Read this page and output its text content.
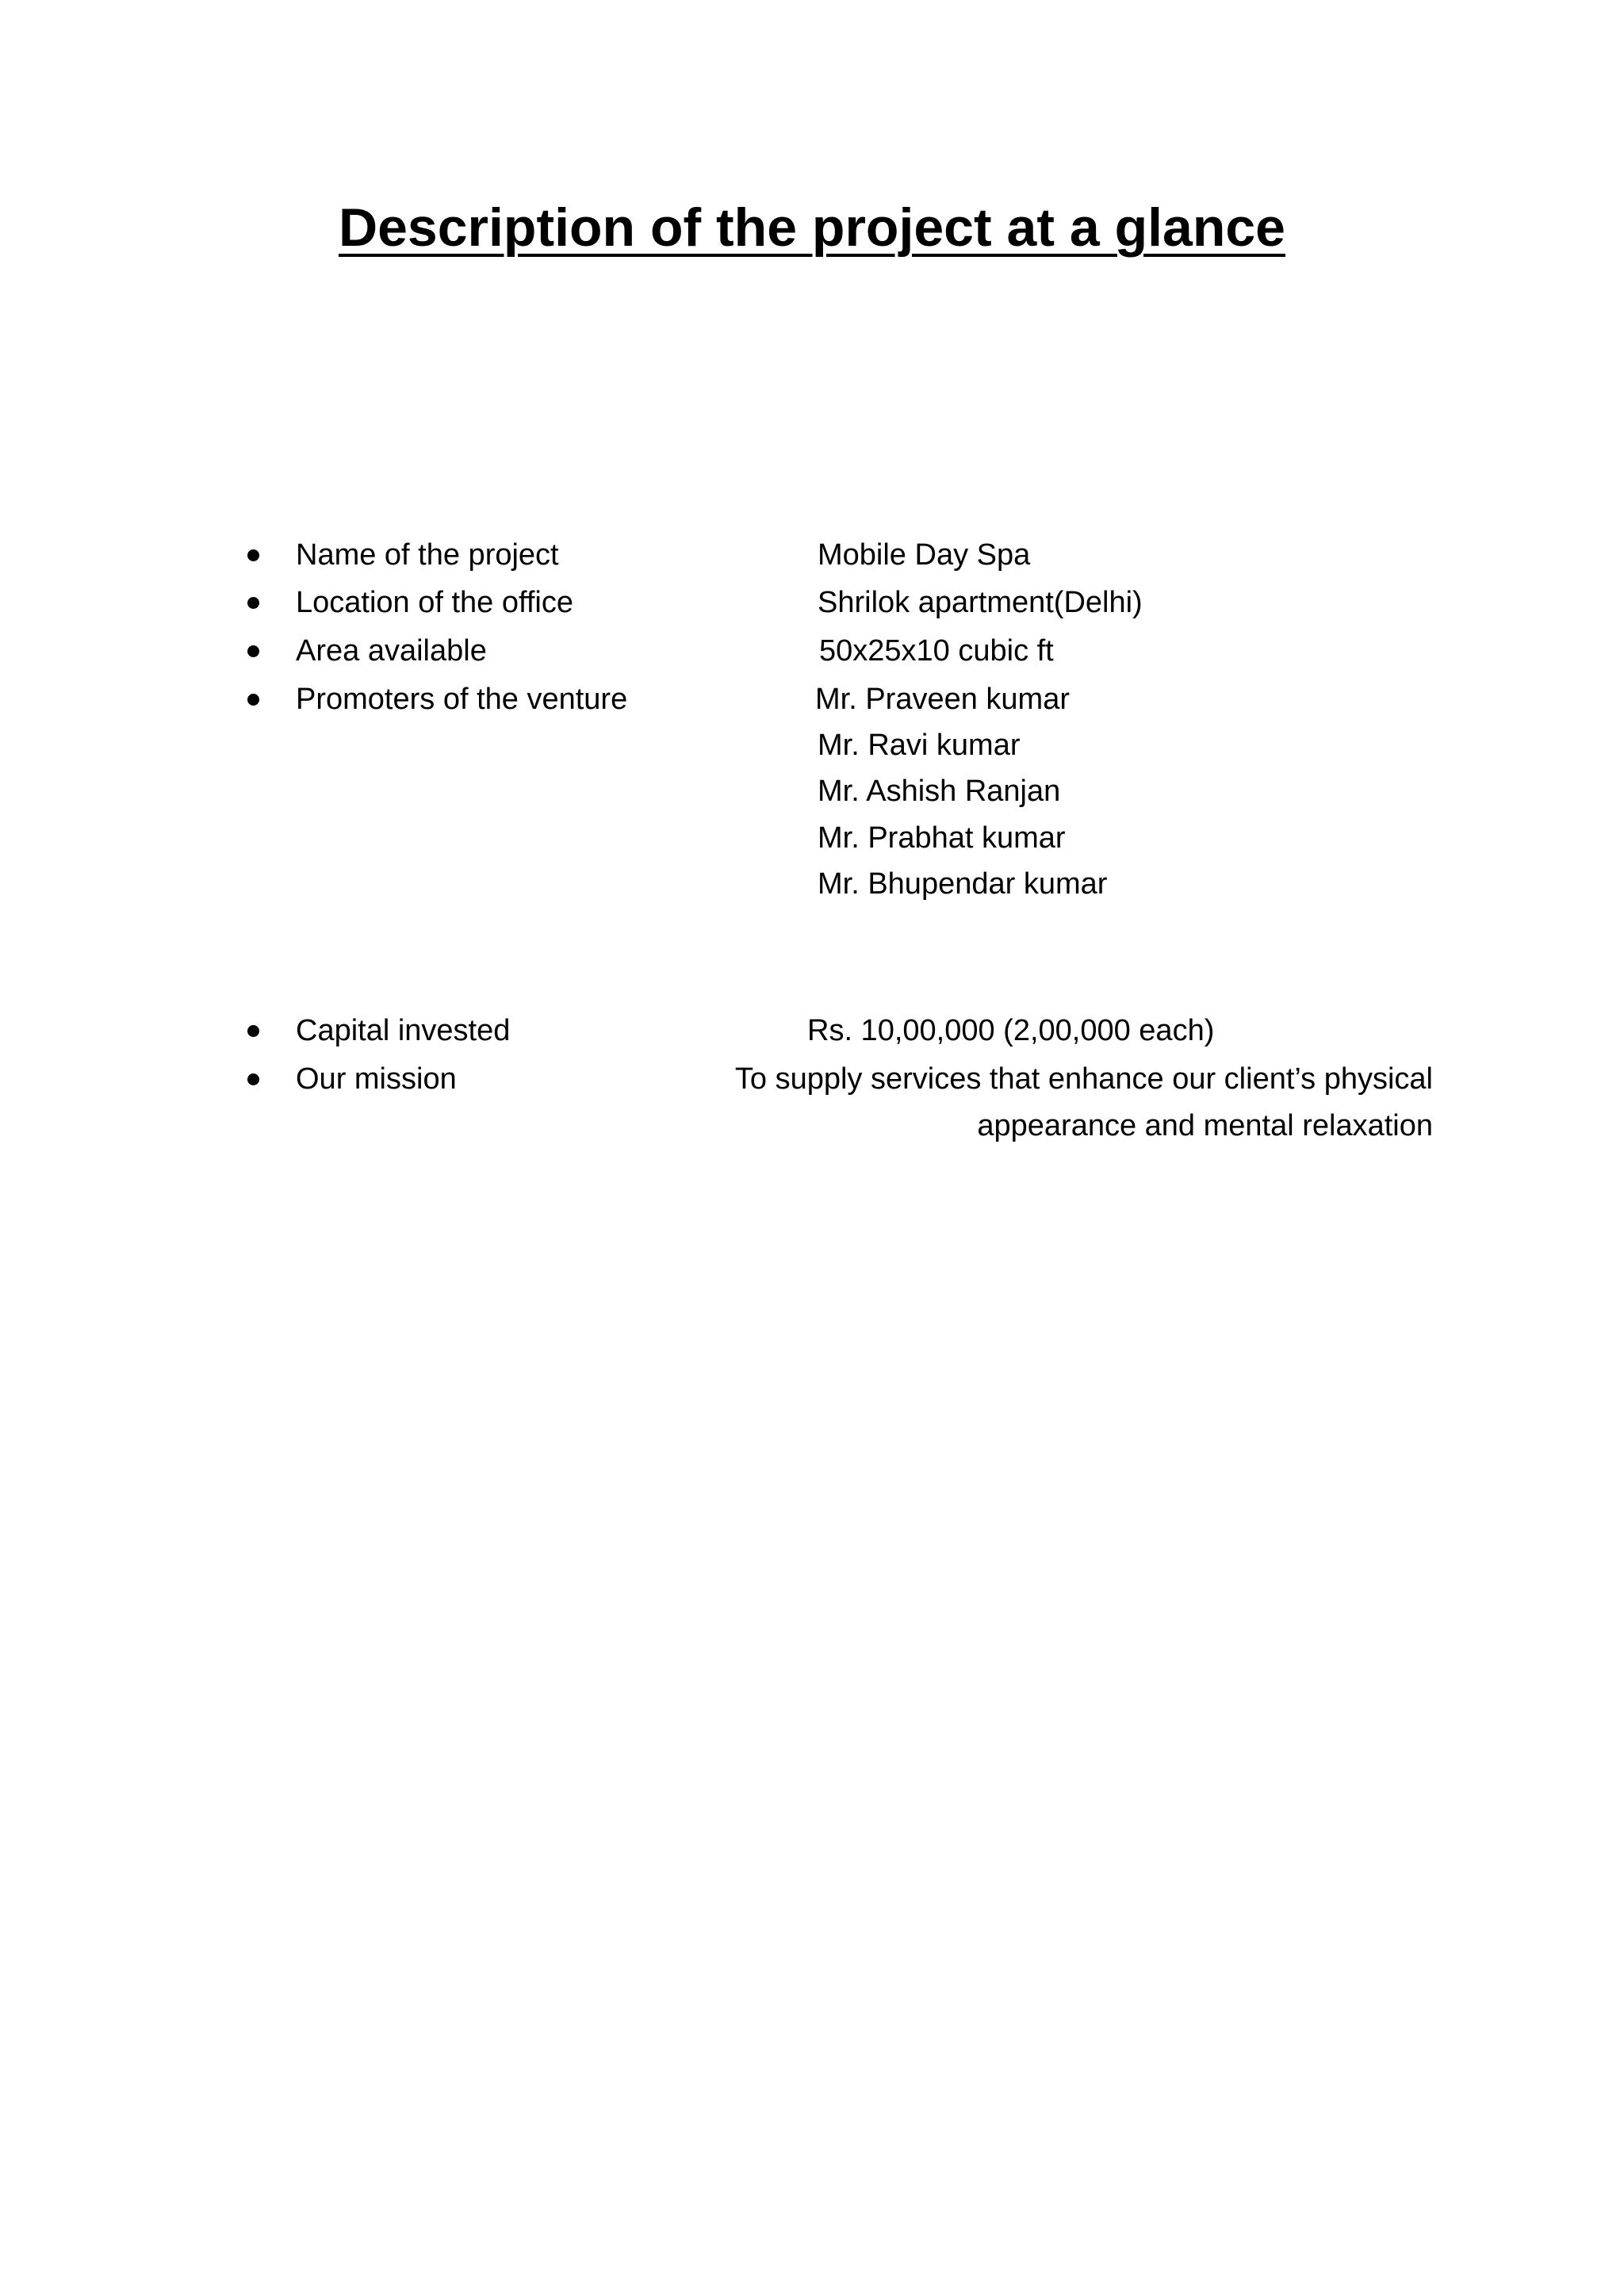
Description of the project at a glance
Name of the project	Mobile Day Spa
Location of the office	Shrilok apartment(Delhi)
Area available	50x25x10 cubic ft
Promoters of the venture	Mr. Praveen kumar
Mr. Ravi kumar
Mr. Ashish Ranjan
Mr. Prabhat kumar
Mr. Bhupendar kumar
Capital invested	Rs. 10,00,000 (2,00,000 each)
Our mission	To supply services that enhance our client’s physical
appearance and mental relaxation
